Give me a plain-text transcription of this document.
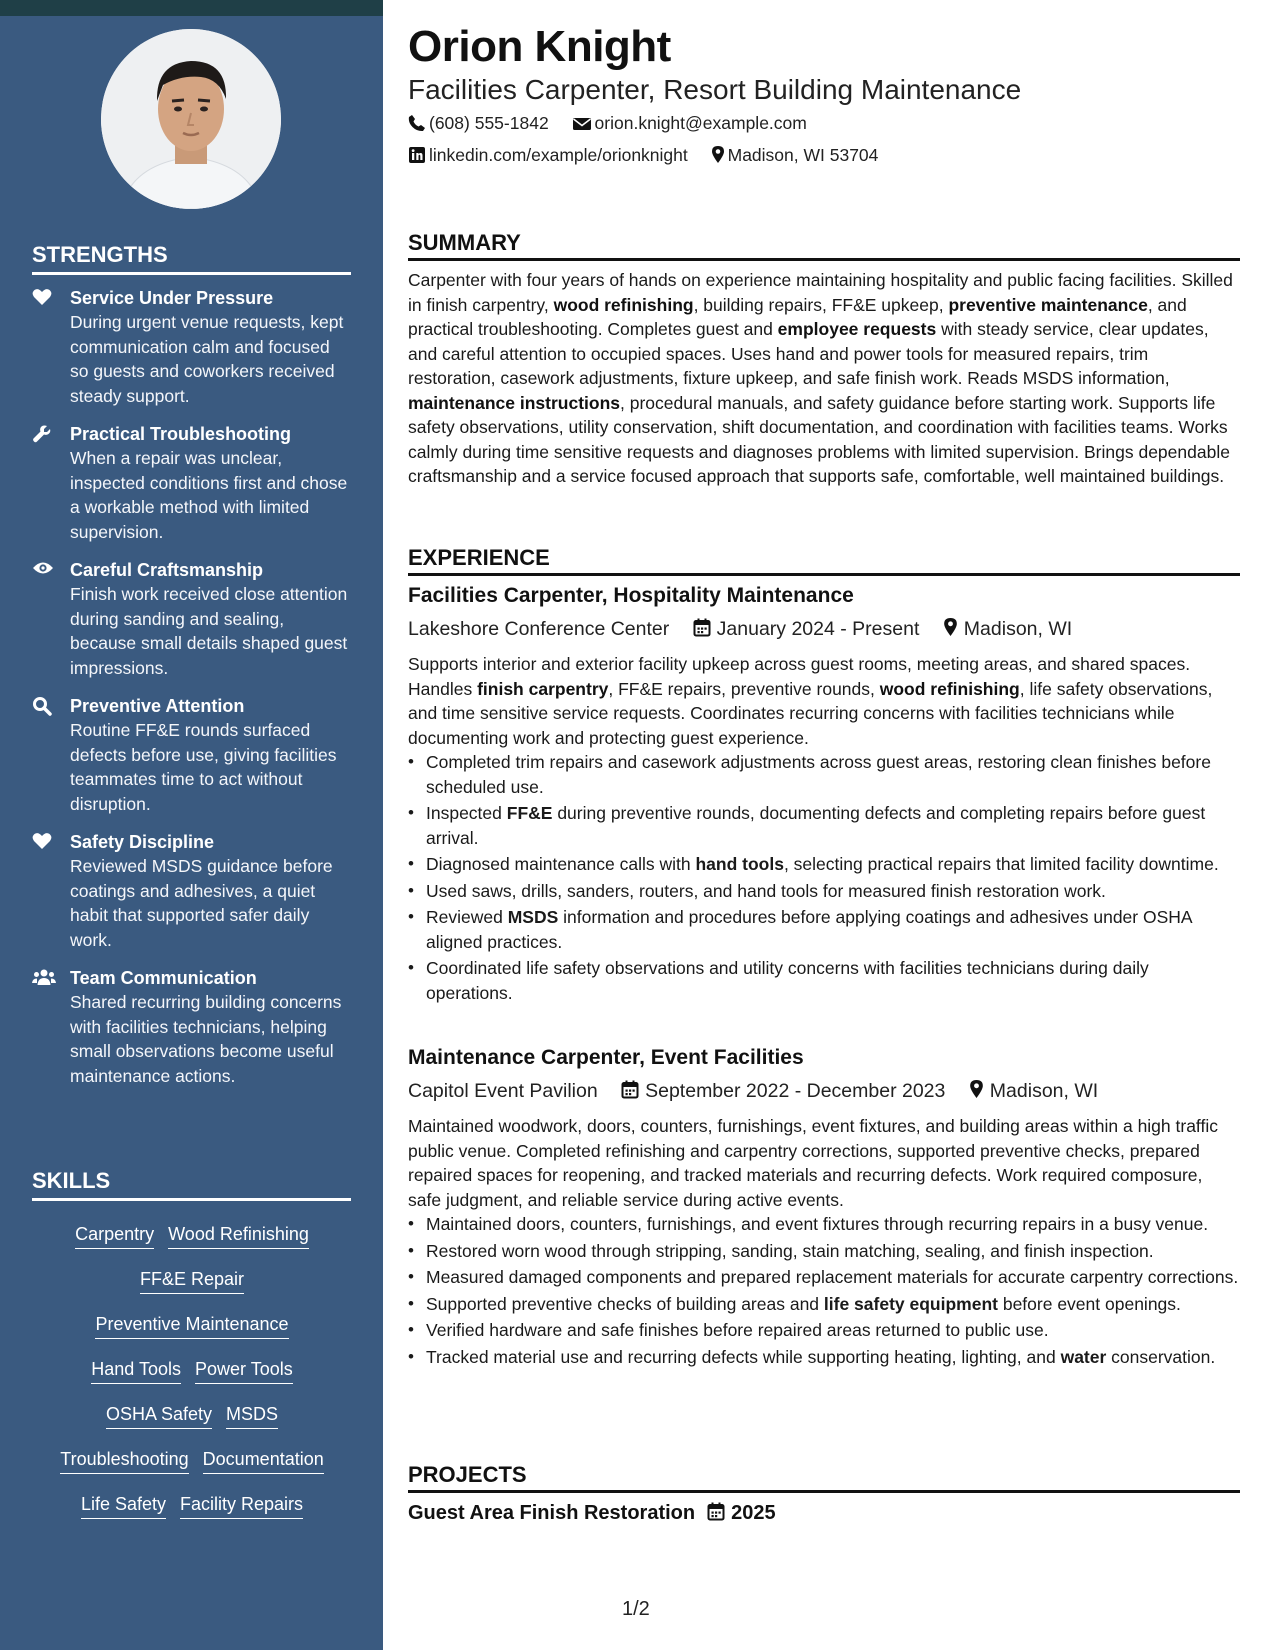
STRENGTHS
Service Under Pressure
During urgent venue requests, kept communication calm and focused so guests and coworkers received steady support.
Practical Troubleshooting
When a repair was unclear, inspected conditions first and chose a workable method with limited supervision.
Careful Craftsmanship
Finish work received close attention during sanding and sealing, because small details shaped guest impressions.
Preventive Attention
Routine FF&E rounds surfaced defects before use, giving facilities teammates time to act without disruption.
Safety Discipline
Reviewed MSDS guidance before coatings and adhesives, a quiet habit that supported safer daily work.
Team Communication
Shared recurring building concerns with facilities technicians, helping small observations become useful maintenance actions.
SKILLS
Carpentry Wood Refinishing
FF&E Repair
Preventive Maintenance
Hand Tools Power Tools
OSHA Safety MSDS
Troubleshooting Documentation
Life Safety Facility Repairs
Orion Knight
Facilities Carpenter, Resort Building Maintenance
(608) 555-1842	orion.knight@example.com
linkedin.com/example/orionknight Madison, WI 53704
SUMMARY
Carpenter with four years of hands on experience maintaining hospitality and public facing facilities. Skilled in finish carpentry, wood refinishing, building repairs, FF&E upkeep, preventive maintenance, and practical troubleshooting. Completes guest and employee requests with steady service, clear updates, and careful attention to occupied spaces. Uses hand and power tools for measured repairs, trim restoration, casework adjustments, fixture upkeep, and safe finish work. Reads MSDS information, maintenance instructions, procedural manuals, and safety guidance before starting work. Supports life safety observations, utility conservation, shift documentation, and coordination with facilities teams. Works calmly during time sensitive requests and diagnoses problems with limited supervision. Brings dependable craftsmanship and a service focused approach that supports safe, comfortable, well maintained buildings.
EXPERIENCE
Facilities Carpenter, Hospitality Maintenance
Lakeshore Conference Center January 2024 - Present Madison, WI
Supports interior and exterior facility upkeep across guest rooms, meeting areas, and shared spaces. Handles finish carpentry, FF&E repairs, preventive rounds, wood refinishing, life safety observations, and time sensitive service requests. Coordinates recurring concerns with facilities technicians while documenting work and protecting guest experience.
• Completed trim repairs and casework adjustments across guest areas, restoring clean finishes before scheduled use.
• Inspected FF&E during preventive rounds, documenting defects and completing repairs before guest arrival.
• Diagnosed maintenance calls with hand tools, selecting practical repairs that limited facility downtime.
• Used saws, drills, sanders, routers, and hand tools for measured finish restoration work.
• Reviewed MSDS information and procedures before applying coatings and adhesives under OSHA aligned practices.
• Coordinated life safety observations and utility concerns with facilities technicians during daily operations.
Maintenance Carpenter, Event Facilities
Capitol Event Pavilion September 2022 - December 2023 Madison, WI
Maintained woodwork, doors, counters, furnishings, event fixtures, and building areas within a high traffic public venue. Completed refinishing and carpentry corrections, supported preventive checks, prepared repaired spaces for reopening, and tracked materials and recurring defects. Work required composure, safe judgment, and reliable service during active events.
• Maintained doors, counters, furnishings, and event fixtures through recurring repairs in a busy venue.
• Restored worn wood through stripping, sanding, stain matching, sealing, and finish inspection.
• Measured damaged components and prepared replacement materials for accurate carpentry corrections.
• Supported preventive checks of building areas and life safety equipment before event openings.
• Verified hardware and safe finishes before repaired areas returned to public use.
• Tracked material use and recurring defects while supporting heating, lighting, and water conservation.
PROJECTS
Guest Area Finish Restoration 2025
1/2
